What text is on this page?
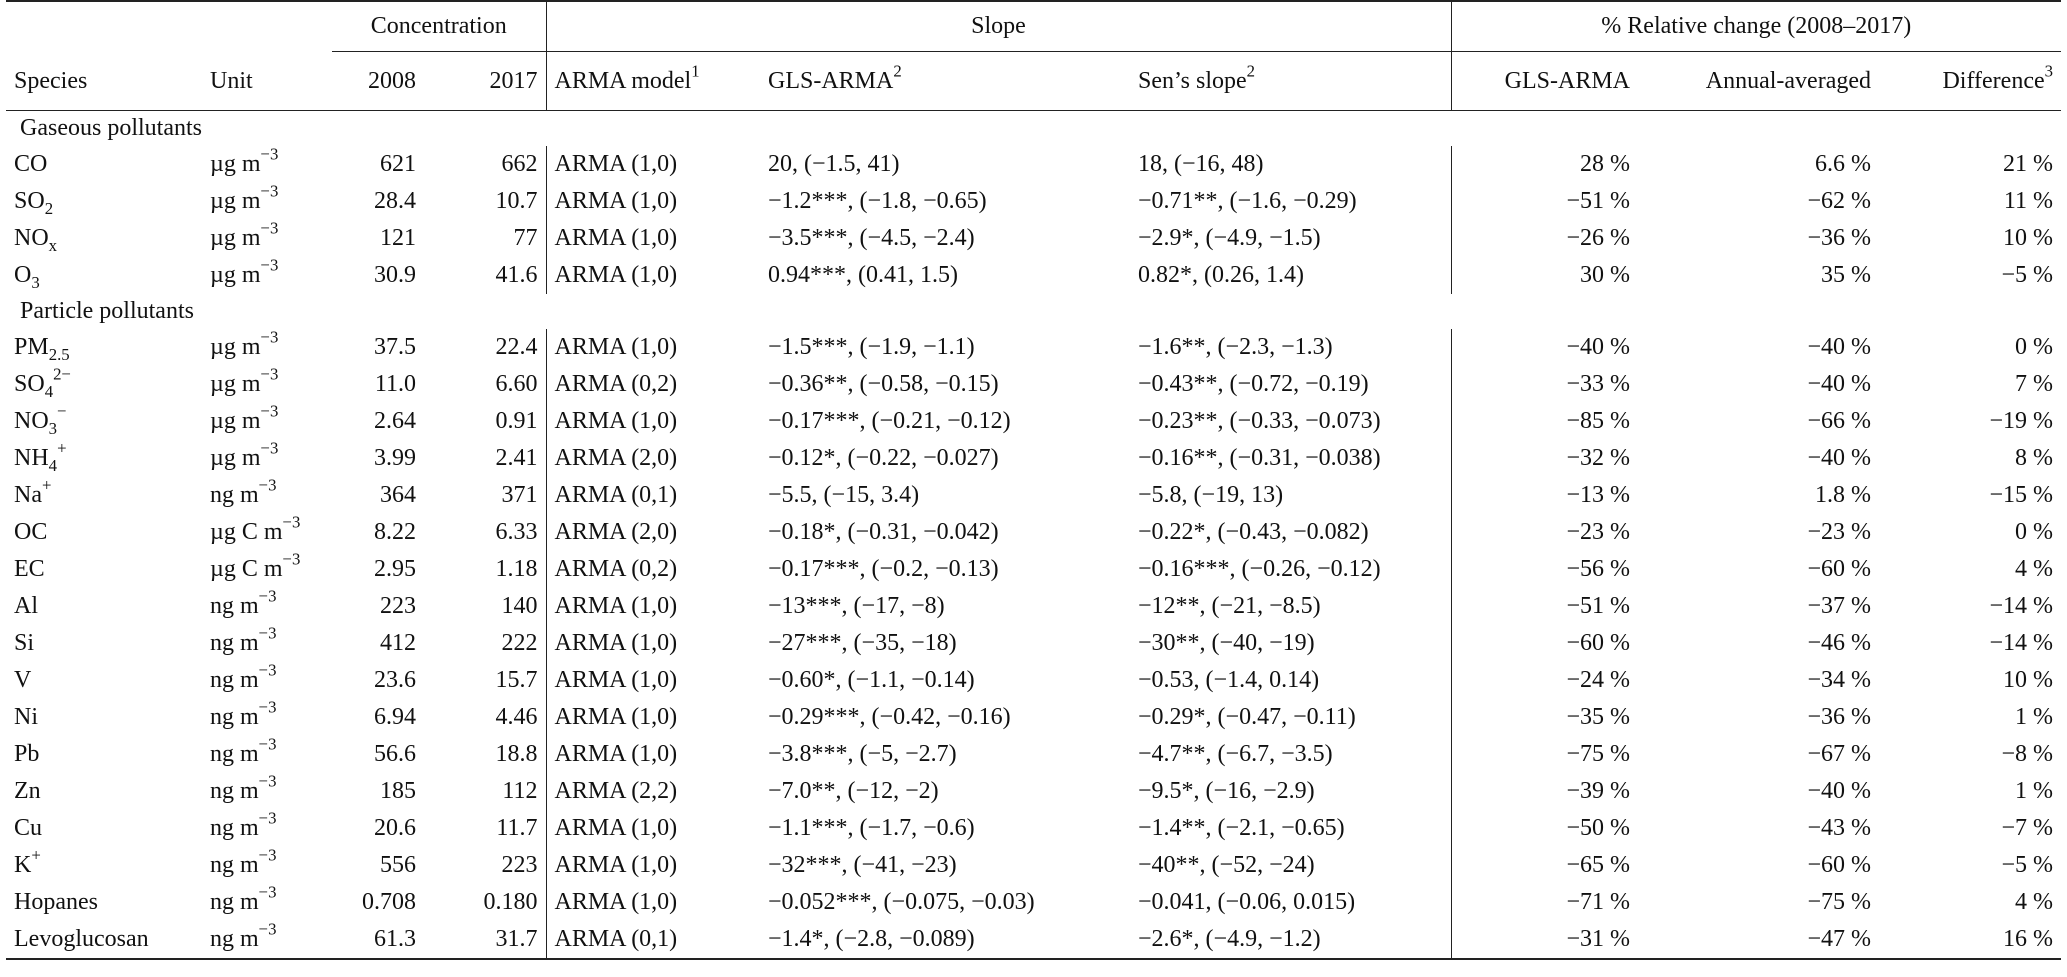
		Concentration		Slope			% Relative change (2008–2017)		
Species	Unit	2008	2017	ARMA model$^1$	GLS-ARMA$^2$	Sen’s slope$^2$	GLS-ARMA	Annual-averaged	Difference$^3$
Gaseous pollutants									
CO	µg $m^{-3}$	621	662	ARMA (1,0)	20, (−1.5, 41)	18, (−16, 48)	28 %	6.6 %	21 %
$SO_2$	µg $m^{-3}$	28.4	10.7	ARMA (1,0)	−1.2***, (−1.8, −0.65)	−0.71**, (−1.6, −0.29)	−51 %	−62 %	11 %
$NO_x$	µg $m^{-3}$	121	77	ARMA (1,0)	−3.5***, (−4.5, −2.4)	−2.9*, (−4.9, −1.5)	−26 %	−36 %	10 %
$O_3$	µg $m^{-3}$	30.9	41.6	ARMA (1,0)	0.94***, (0.41, 1.5)	0.82*, (0.26, 1.4)	30 %	35 %	−5 %
Particle pollutants									
$PM_{2.5}$	µg $m^{-3}$	37.5	22.4	ARMA (1,0)	−1.5***, (−1.9, −1.1)	−1.6**, (−2.3, −1.3)	−40 %	−40 %	0 %
$SO_4^{2-}$	µg $m^{-3}$	11.0	6.60	ARMA (0,2)	−0.36**, (−0.58, −0.15)	−0.43**, (−0.72, −0.19)	−33 %	−40 %	7 %
$NO_3^-$	µg $m^{-3}$	2.64	0.91	ARMA (1,0)	−0.17***, (−0.21, −0.12)	−0.23**, (−0.33, −0.073)	−85 %	−66 %	−19 %
$NH_4^+$	µg $m^{-3}$	3.99	2.41	ARMA (2,0)	−0.12*, (−0.22, −0.027)	−0.16**, (−0.31, −0.038)	−32 %	−40 %	8 %
Na+	ng $m^{-3}$	364	371	ARMA (0,1)	−5.5, (−15, 3.4)	−5.8, (−19, 13)	−13 %	1.8 %	−15 %
OC	µg C $m^{-3}$	8.22	6.33	ARMA (2,0)	−0.18*, (−0.31, −0.042)	−0.22*, (−0.43, −0.082)	−23 %	−23 %	0 %
EC	µg C $m^{-3}$	2.95	1.18	ARMA (0,2)	−0.17***, (−0.2, −0.13)	−0.16***, (−0.26, −0.12)	−56 %	−60 %	4 %
Al	ng $m^{-3}$	223	140	ARMA (1,0)	−13***, (−17, −8)	−12**, (−21, −8.5)	−51 %	−37 %	−14 %
Si	ng $m^{-3}$	412	222	ARMA (1,0)	−27***, (−35, −18)	−30**, (−40, −19)	−60 %	−46 %	−14 %
V	ng $m^{-3}$	23.6	15.7	ARMA (1,0)	−0.60*, (−1.1, −0.14)	−0.53, (−1.4, 0.14)	−24 %	−34 %	10 %
Ni	ng $m^{-3}$	6.94	4.46	ARMA (1,0)	−0.29***, (−0.42, −0.16)	−0.29*, (−0.47, −0.11)	−35 %	−36 %	1 %
Pb	ng $m^{-3}$	56.6	18.8	ARMA (1,0)	−3.8***, (−5, −2.7)	−4.7**, (−6.7, −3.5)	−75 %	−67 %	−8 %
Zn	ng $m^{-3}$	185	112	ARMA (2,2)	−7.0**, (−12, −2)	−9.5*, (−16, −2.9)	−39 %	−40 %	1 %
Cu	ng $m^{-3}$	20.6	11.7	ARMA (1,0)	−1.1***, (−1.7, −0.6)	−1.4**, (−2.1, −0.65)	−50 %	−43 %	−7 %
K+	ng $m^{-3}$	556	223	ARMA (1,0)	−32***, (−41, −23)	−40**, (−52, −24)	−65 %	−60 %	−5 %
Hopanes	ng $m^{-3}$	0.708	0.180	ARMA (1,0)	−0.052***, (−0.075, −0.03)	−0.041, (−0.06, 0.015)	−71 %	−75 %	4 %
Levoglucosan	ng $m^{-3}$	61.3	31.7	ARMA (0,1)	−1.4*, (−2.8, −0.089)	−2.6*, (−4.9, −1.2)	−31 %	−47 %	16 %
